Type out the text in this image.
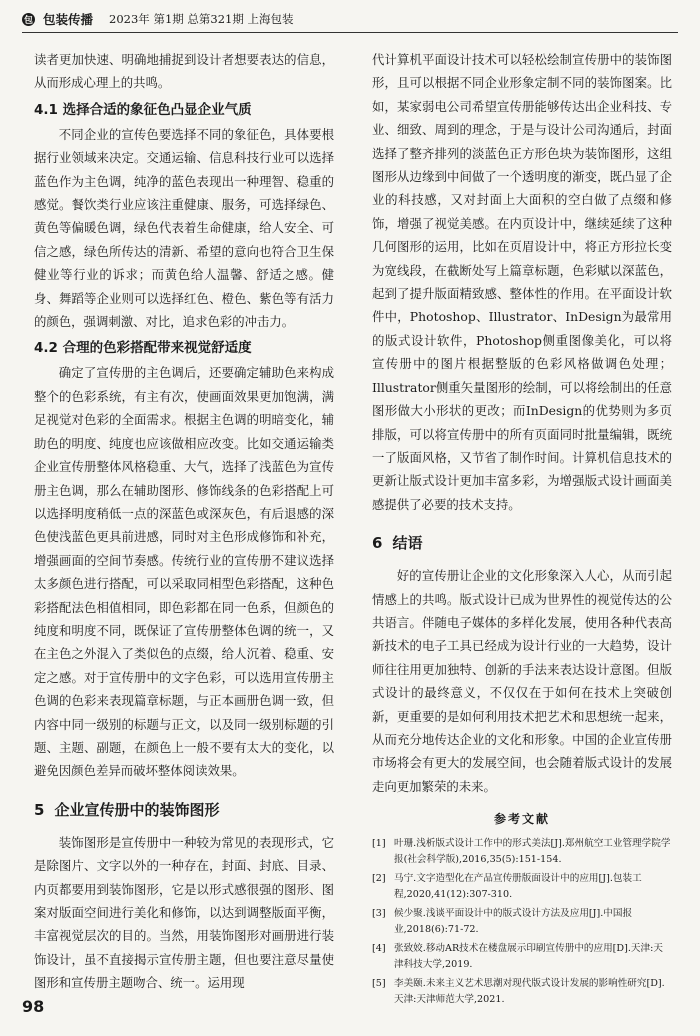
包 包装传播 2023年 第1期 总第321期 上海包装

读者更加快速、明确地捕捉到设计者想要表达的信息，从而形成心理上的共鸣。

4.1 选择合适的象征色凸显企业气质

不同企业的宣传色要选择不同的象征色，具体要根据行业领域来决定。交通运输、信息科技行业可以选择蓝色作为主色调，纯净的蓝色表现出一种理智、稳重的感觉。餐饮类行业应该注重健康、服务，可选择绿色、黄色等偏暖色调，绿色代表着生命健康，给人安全、可信之感，绿色所传达的清新、希望的意向也符合卫生保健业等行业的诉求；而黄色给人温馨、舒适之感。健身、舞蹈等企业则可以选择红色、橙色、紫色等有活力的颜色，强调刺激、对比，追求色彩的冲击力。

4.2 合理的色彩搭配带来视觉舒适度

确定了宣传册的主色调后，还要确定辅助色来构成整个的色彩系统，有主有次，使画面效果更加饱满，满足视觉对色彩的全面需求。根据主色调的明暗变化，辅助色的明度、纯度也应该做相应改变。比如交通运输类企业宣传册整体风格稳重、大气，选择了浅蓝色为宣传册主色调，那么在辅助图形、修饰线条的色彩搭配上可以选择明度稍低一点的深蓝色或深灰色，有后退感的深色使浅蓝色更具前进感，同时对主色形成修饰和补充，增强画面的空间节奏感。传统行业的宣传册不建议选择太多颜色进行搭配，可以采取同相型色彩搭配，这种色彩搭配法色相值相同，即色彩都在同一色系，但颜色的纯度和明度不同，既保证了宣传册整体色调的统一，又在主色之外混入了类似色的点缀，给人沉着、稳重、安定之感。对于宣传册中的文字色彩，可以选用宣传册主色调的色彩来表现篇章标题，与正本画册色调一致，但内容中同一级别的标题与正文，以及同一级别标题的引题、主题、副题，在颜色上一般不要有太大的变化，以避免因颜色差异而破坏整体阅读效果。

5 企业宣传册中的装饰图形

装饰图形是宣传册中一种较为常见的表现形式，它是除图片、文字以外的一种存在，封面、封底、目录、内页都要用到装饰图形，它是以形式感很强的图形、图案对版面空间进行美化和修饰，以达到调整版面平衡，丰富视觉层次的目的。当然，用装饰图形对画册进行装饰设计，虽不直接揭示宣传册主题，但也要注意尽量使图形和宣传册主题吻合、统一。运用现

代计算机平面设计技术可以轻松绘制宣传册中的装饰图形，且可以根据不同企业形象定制不同的装饰图案。比如，某家弱电公司希望宣传册能够传达出企业科技、专业、细致、周到的理念，于是与设计公司沟通后，封面选择了整齐排列的淡蓝色正方形色块为装饰图形，这组图形从边缘到中间做了一个透明度的渐变，既凸显了企业的科技感，又对封面上大面积的空白做了点缀和修饰，增强了视觉美感。在内页设计中，继续延续了这种几何图形的运用，比如在页眉设计中，将正方形拉长变为宽线段，在截断处写上篇章标题，色彩赋以深蓝色，起到了提升版面精致感、整体性的作用。在平面设计软件中，Photoshop、Illustrator、InDesign为最常用的版式设计软件，Photoshop侧重图像美化，可以将宣传册中的图片根据整版的色彩风格做调色处理；Illustrator侧重矢量图形的绘制，可以将绘制出的任意图形做大小形状的更改；而InDesign的优势则为多页排版，可以将宣传册中的所有页面同时批量编辑，既统一了版面风格，又节省了制作时间。计算机信息技术的更新让版式设计更加丰富多彩，为增强版式设计画面美感提供了必要的技术支持。

6 结语

好的宣传册让企业的文化形象深入人心，从而引起情感上的共鸣。版式设计已成为世界性的视觉传达的公共语言。伴随电子媒体的多样化发展，使用各种代表高新技术的电子工具已经成为设计行业的一大趋势，设计师往往用更加独特、创新的手法来表达设计意图。但版式设计的最终意义，不仅仅在于如何在技术上突破创新，更重要的是如何利用技术把艺术和思想统一起来，从而充分地传达企业的文化和形象。中国的企业宣传册市场将会有更大的发展空间，也会随着版式设计的发展走向更加繁荣的未来。

参考文献
[1] 叶珊.浅析版式设计工作中的形式美法[J].郑州航空工业管理学院学报(社会科学版),2016,35(5):151-154.
[2] 马宁.文字造型化在产品宣传册版面设计中的应用[J].包装工程,2020,41(12):307-310.
[3] 候少聚.浅谈平面设计中的版式设计方法及应用[J].中国报业,2018(6):71-72.
[4] 张致姣.移动AR技术在楼盘展示印刷宣传册中的应用[D].天津:天津科技大学,2019.
[5] 李美颐.未来主义艺术思潮对现代版式设计发展的影响性研究[D].天津:天津师范大学,2021.
98
